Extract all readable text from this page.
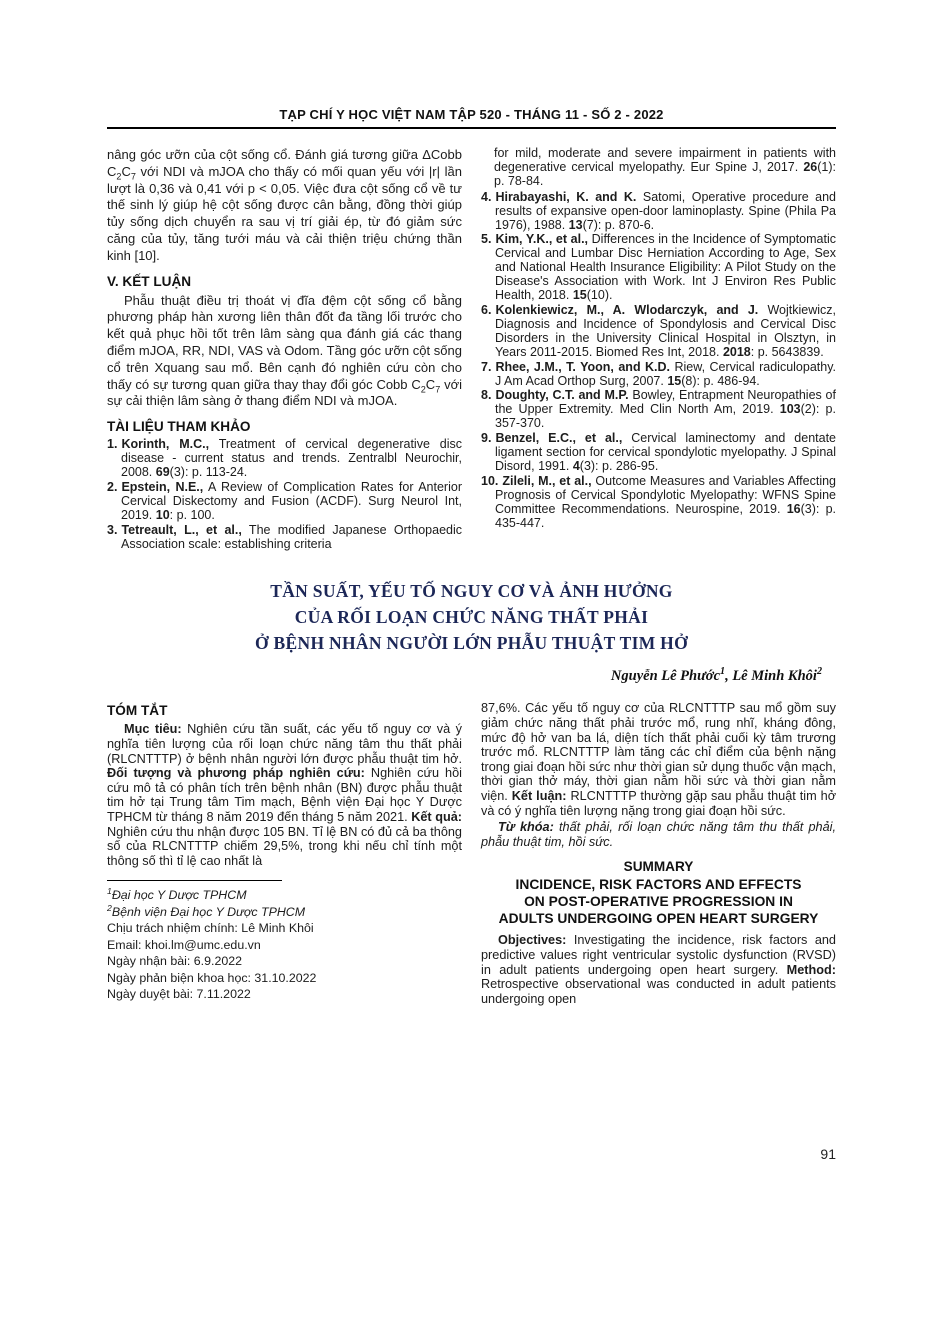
TẠP CHÍ Y HỌC VIỆT NAM TẬP 520 - THÁNG 11 - SỐ 2 - 2022

nâng góc ưỡn của cột sống cổ. Đánh giá tương giữa ΔCobb $C_2C_7$ với NDI và mJOA cho thấy có mối quan yếu với |r| lần lượt là 0,36 và 0,41 với p < 0,05. Việc đưa cột sống cổ về tư thế sinh lý giúp hệ cột sống được cân bằng, đồng thời giúp tủy sống dịch chuyển ra sau vị trí giải ép, từ đó giảm sức căng của tủy, tăng tưới máu và cải thiện triệu chứng thần kinh [10].

V. KẾT LUẬN

Phẫu thuật điều trị thoát vị đĩa đệm cột sống cổ bằng phương pháp hàn xương liên thân đốt đa tầng lối trước cho kết quả phục hồi tốt trên lâm sàng qua đánh giá các thang điểm mJOA, RR, NDI, VAS và Odom. Tầng góc ưỡn cột sống cổ trên Xquang sau mổ. Bên cạnh đó nghiên cứu còn cho thấy có sự tương quan giữa thay thay đổi góc Cobb $C_2C_7$ với sự cải thiện lâm sàng ở thang điểm NDI và mJOA.

TÀI LIỆU THAM KHẢO
1. Korinth, M.C., Treatment of cervical degenerative disc disease - current status and trends. Zentralbl Neurochir, 2008. 69(3): p. 113-24.
2. Epstein, N.E., A Review of Complication Rates for Anterior Cervical Diskectomy and Fusion (ACDF). Surg Neurol Int, 2019. 10: p. 100.
3. Tetreault, L., et al., The modified Japanese Orthopaedic Association scale: establishing criteria

for mild, moderate and severe impairment in patients with degenerative cervical myelopathy. Eur Spine J, 2017. 26(1): p. 78-84.

4. Hirabayashi, K. and K. Satomi, Operative procedure and results of expansive open-door laminoplasty. Spine (Phila Pa 1976), 1988. 13(7): p. 870-6.
5. Kim, Y.K., et al., Differences in the Incidence of Symptomatic Cervical and Lumbar Disc Herniation According to Age, Sex and National Health Insurance Eligibility: A Pilot Study on the Disease's Association with Work. Int J Environ Res Public Health, 2018. 15(10).
6. Kolenkiewicz, M., A. Wlodarczyk, and J. Wojtkiewicz, Diagnosis and Incidence of Spondylosis and Cervical Disc Disorders in the University Clinical Hospital in Olsztyn, in Years 2011-2015. Biomed Res Int, 2018. 2018: p. 5643839.
7. Rhee, J.M., T. Yoon, and K.D. Riew, Cervical radiculopathy. J Am Acad Orthop Surg, 2007. 15(8): p. 486-94.
8. Doughty, C.T. and M.P. Bowley, Entrapment Neuropathies of the Upper Extremity. Med Clin North Am, 2019. 103(2): p. 357-370.
9. Benzel, E.C., et al., Cervical laminectomy and dentate ligament section for cervical spondylotic myelopathy. J Spinal Disord, 1991. 4(3): p. 286-95.
10. Zileli, M., et al., Outcome Measures and Variables Affecting Prognosis of Cervical Spondylotic Myelopathy: WFNS Spine Committee Recommendations. Neurospine, 2019. 16(3): p. 435-447.
TẦN SUẤT, YẾU TỐ NGUY CƠ VÀ ẢNH HƯỞNG
CỦA RỐI LOẠN CHỨC NĂNG THẤT PHẢI
Ở BỆNH NHÂN NGƯỜI LỚN PHẪU THUẬT TIM HỞ
Nguyễn Lê Phước$^1$, Lê Minh Khôi$^2$
TÓM TẮT

Mục tiêu: Nghiên cứu tần suất, các yếu tố nguy cơ và ý nghĩa tiên lượng của rối loạn chức năng tâm thu thất phải (RLCNTTTP) ở bệnh nhân người lớn được phẫu thuật tim hở. Đối tượng và phương pháp nghiên cứu: Nghiên cứu hồi cứu mô tả có phân tích trên bệnh nhân (BN) được phẫu thuật tim hở tại Trung tâm Tim mạch, Bệnh viện Đại học Y Dược TPHCM từ tháng 8 năm 2019 đến tháng 5 năm 2021. Kết quả: Nghiên cứu thu nhận được 105 BN. Tỉ lệ BN có đủ cả ba thông số của RLCNTTTP chiếm 29,5%, trong khi nếu chỉ tính một thông số thì tỉ lệ cao nhất là

$^1$Đại học Y Dược TPHCM

$^2$Bệnh viện Đại học Y Dược TPHCM

Chịu trách nhiệm chính: Lê Minh Khôi

Email: khoi.lm@umc.edu.vn

Ngày nhận bài: 6.9.2022

Ngày phản biện khoa học: 31.10.2022

Ngày duyệt bài: 7.11.2022

87,6%. Các yếu tố nguy cơ của RLCNTTTP sau mổ gồm suy giảm chức năng thất phải trước mổ, rung nhĩ, kháng đông, mức độ hở van ba lá, diện tích thất phải cuối kỳ tâm trương trước mổ. RLCNTTTP làm tăng các chỉ điểm của bệnh nặng trong giai đoạn hồi sức như thời gian sử dụng thuốc vận mạch, thời gian thở máy, thời gian nằm hồi sức và thời gian nằm viện. Kết luận: RLCNTTTP thường gặp sau phẫu thuật tim hở và có ý nghĩa tiên lượng nặng trong giai đoạn hồi sức.

Từ khóa: thất phải, rối loạn chức năng tâm thu thất phải, phẫu thuật tim, hồi sức.

SUMMARY
INCIDENCE, RISK FACTORS AND EFFECTS
ON POST-OPERATIVE PROGRESSION IN
ADULTS UNDERGOING OPEN HEART SURGERY

Objectives: Investigating the incidence, risk factors and predictive values right ventricular systolic dysfunction (RVSD) in adult patients undergoing open heart surgery. Method: Retrospective observational was conducted in adult patients undergoing open

91
